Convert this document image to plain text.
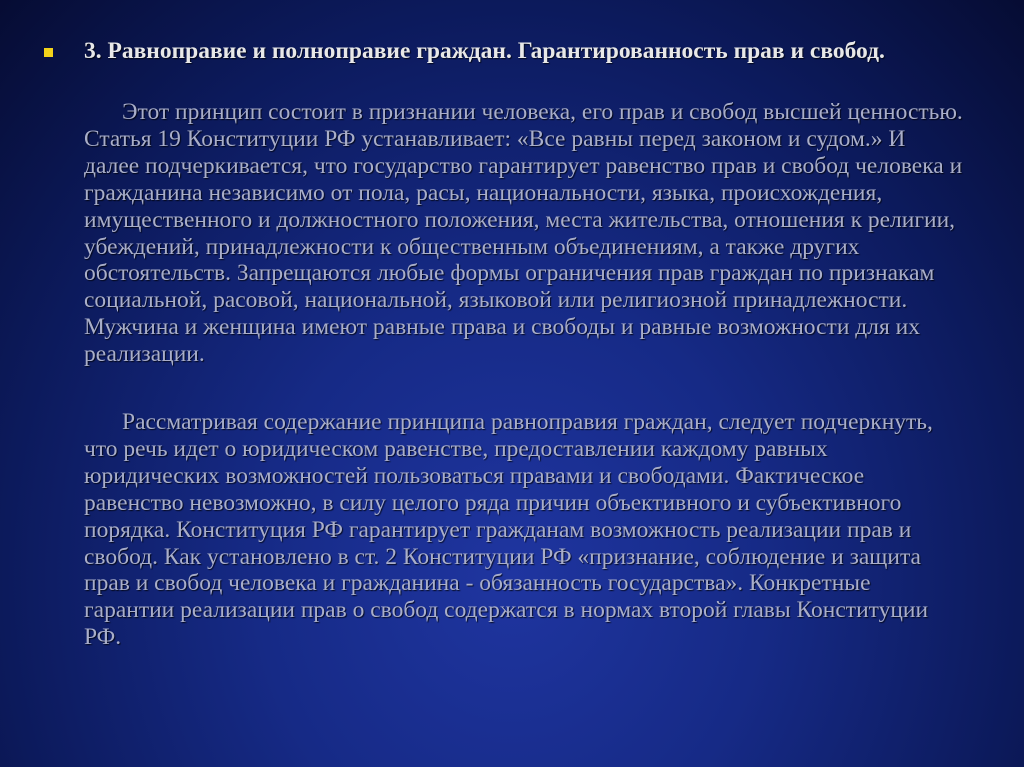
3. Равноправие и полноправие граждан. Гарантированность прав и свобод.

Этот принцип состоит в признании человека, его прав и свобод высшей ценностью. Статья 19 Конституции РФ устанавливает: «Все равны перед законом и судом.» И далее подчеркивается, что государство гарантирует равенство прав и свобод человека и гражданина независимо от пола, расы, национальности, языка, происхождения, имущественного и должностного положения, места жительства, отношения к религии, убеждений, принадлежности к общественным объединениям, а также других обстоятельств. Запрещаются любые формы ограничения прав граждан по признакам социальной, расовой, национальной, языковой или религиозной принадлежности. Мужчина и женщина имеют равные права и свободы и равные возможности для их реализации.

Рассматривая содержание принципа равноправия граждан, следует подчеркнуть, что речь идет о юридическом равенстве, предоставлении каждому равных юридических возможностей пользоваться правами и свободами. Фактическое равенство невозможно, в силу целого ряда причин объективного и субъективного порядка. Конституция РФ гарантирует гражданам возможность реализации прав и свобод. Как установлено в ст. 2 Конституции РФ «признание, соблюдение и защита прав и свобод человека и гражданина - обязанность государства». Конкретные гарантии реализации прав о свобод содержатся в нормах второй главы Конституции РФ.
